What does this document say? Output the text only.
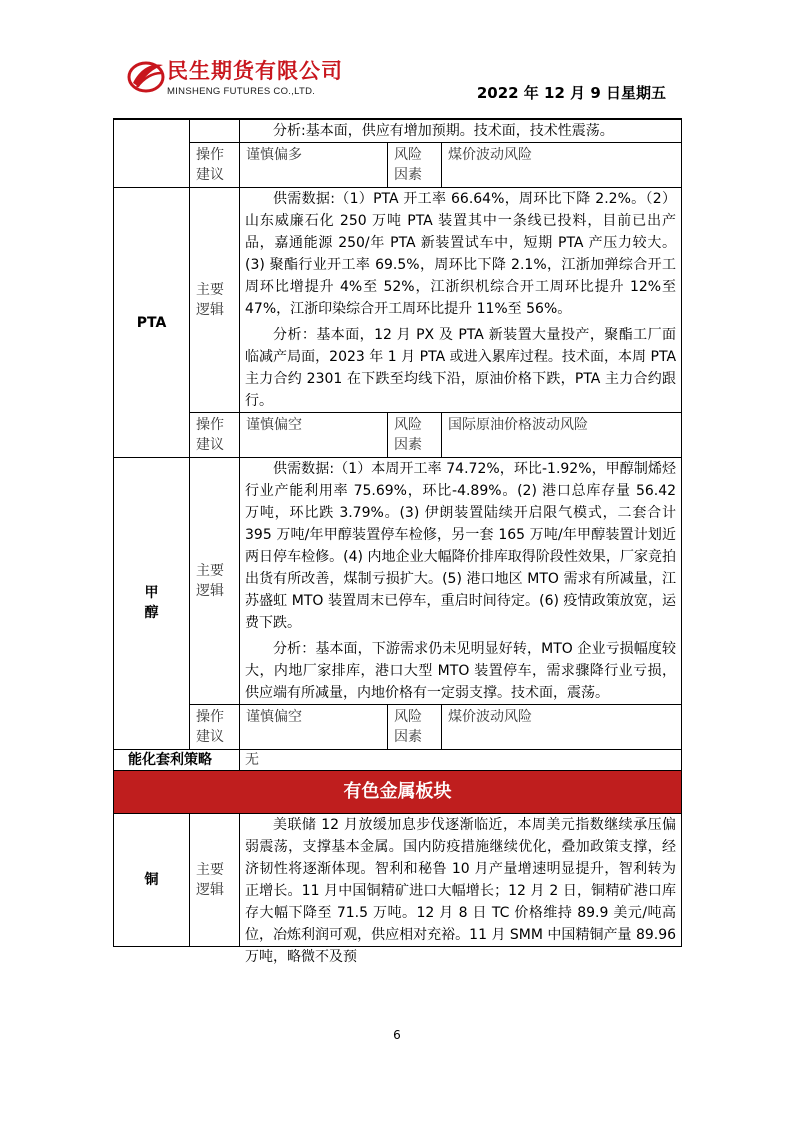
民生期货有限公司
MINSHENG FUTURES CO.,LTD.	2022 年 12 月 9 日星期五

		分析:基本面，供应有增加预期。技术面，技术性震荡。		

	操作建议	谨慎偏多	风险因素	煤价波动风险
PTA	主要逻辑	供需数据:（1）PTA 开工率 66.64%，周环比下降 2.2%。（2）山东威廉石化 250 万吨 PTA 装置其中一条线已投料，目前已出产品，嘉通能源 250/年 PTA 新装置试车中，短期 PTA 产压力较大。(3) 聚酯行业开工率 69.5%，周环比下降 2.1%，江浙加弹综合开工周环比增提升 4%至 52%，江浙织机综合开工周环比提升 12%至 47%，江浙印染综合开工周环比提升 11%至 56%。

分析：基本面，12 月 PX 及 PTA 新装置大量投产，聚酯工厂面临减产局面，2023 年 1 月 PTA 或进入累库过程。技术面，本周 PTA 主力合约 2301 在下跌至均线下沿，原油价格下跌，PTA 主力合约跟行。		

	操作建议	谨慎偏空	风险因素	国际原油价格波动风险
甲醇	主要逻辑	供需数据:（1）本周开工率 74.72%，环比-1.92%，甲醇制烯烃行业产能利用率 75.69%，环比-4.89%。(2) 港口总库存量 56.42 万吨，环比跌 3.79%。(3) 伊朗装置陆续开启限气模式，二套合计 395 万吨/年甲醇装置停车检修，另一套 165 万吨/年甲醇装置计划近两日停车检修。(4) 内地企业大幅降价排库取得阶段性效果，厂家竞拍出货有所改善，煤制亏损扩大。(5) 港口地区 MTO 需求有所减量，江苏盛虹 MTO 装置周末已停车，重启时间待定。(6) 疫情政策放宽，运费下跌。

分析：基本面，下游需求仍未见明显好转，MTO 企业亏损幅度较大，内地厂家排库，港口大型 MTO 装置停车，需求骤降行业亏损，供应端有所减量，内地价格有一定弱支撑。技术面，震荡。		

	操作建议	谨慎偏空	风险因素	煤价波动风险
能化套利策略		无		
有色金属板块				
铜	主要逻辑	美联储 12 月放缓加息步伐逐渐临近，本周美元指数继续承压偏弱震荡，支撑基本金属。国内防疫措施继续优化，叠加政策支撑，经济韧性将逐渐体现。智利和秘鲁 10 月产量增速明显提升，智利转为正增长。11 月中国铜精矿进口大幅增长；12 月 2 日，铜精矿港口库存大幅下降至 71.5 万吨。12 月 8 日 TC 价格维持 89.9 美元/吨高位，冶炼利润可观，供应相对充裕。11 月 SMM 中国精铜产量 89.96 万吨，略微不及预		

6
